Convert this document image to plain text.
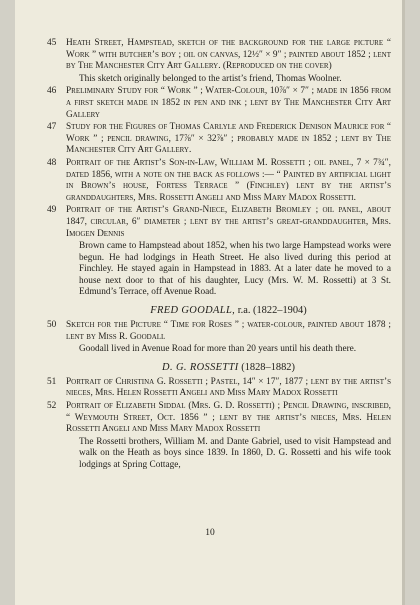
45 Heath Street, Hampstead, sketch of the background for the large picture “ Work ” with butcher’s boy ; oil on canvas, 12½″ × 9″ ; painted about 1852 ; lent by The Manchester City Art Gallery. (Reproduced on the cover)
This sketch originally belonged to the artist’s friend, Thomas Woolner.
46 Preliminary Study for “ Work ” ; Water-Colour, 10⅞″ × 7″ ; made in 1856 from a first sketch made in 1852 in pen and ink ; lent by The Manchester City Art Gallery
47 Study for the Figures of Thomas Carlyle and Frederick Denison Maurice for “ Work ” ; pencil drawing, 17⅞″ × 32⅞″ ; probably made in 1852 ; lent by The Manchester City Art Gallery.
48 Portrait of the Artist’s Son-in-Law, William M. Rossetti ; oil panel, 7 × 7¾″, dated 1856, with a note on the back as follows :— “ Painted by artificial light in Brown’s house, Fortess Terrace ” (Finchley) lent by the artist’s granddaughters, Mrs. Rossetti Angeli and Miss Mary Madox Rossetti.
49 Portrait of the Artist’s Grand-Niece, Elizabeth Bromley ; oil panel, about 1847, circular, 6″ diameter ; lent by the artist’s great-granddaughter, Mrs. Imogen Dennis
Brown came to Hampstead about 1852, when his two large Hampstead works were begun. He had lodgings in Heath Street. He also lived during this period at Finchley. He stayed again in Hampstead in 1883. At a later date he moved to a house next door to that of his daughter, Lucy (Mrs. W. M. Rossetti) at 3 St. Edmund’s Terrace, off Avenue Road.
FRED GOODALL, r.a. (1822–1904)
50 Sketch for the Picture “ Time for Roses ” ; water-colour, painted about 1878 ; lent by Miss R. Goodall
Goodall lived in Avenue Road for more than 20 years until his death there.
D. G. ROSSETTI (1828–1882)
51 Portrait of Christina G. Rossetti ; Pastel, 14″ × 17″, 1877 ; lent by the artist’s nieces, Mrs. Helen Rossetti Angeli and Miss Mary Madox Rossetti
52 Portrait of Elizabeth Siddal (Mrs. G. D. Rossetti) ; Pencil Drawing, inscribed, “ Weymouth Street, Oct. 1856 ” ; lent by the artist’s nieces, Mrs. Helen Rossetti Angeli and Miss Mary Madox Rossetti
The Rossetti brothers, William M. and Dante Gabriel, used to visit Hampstead and walk on the Heath as boys since 1839. In 1860, D. G. Rossetti and his wife took lodgings at Spring Cottage,
10
